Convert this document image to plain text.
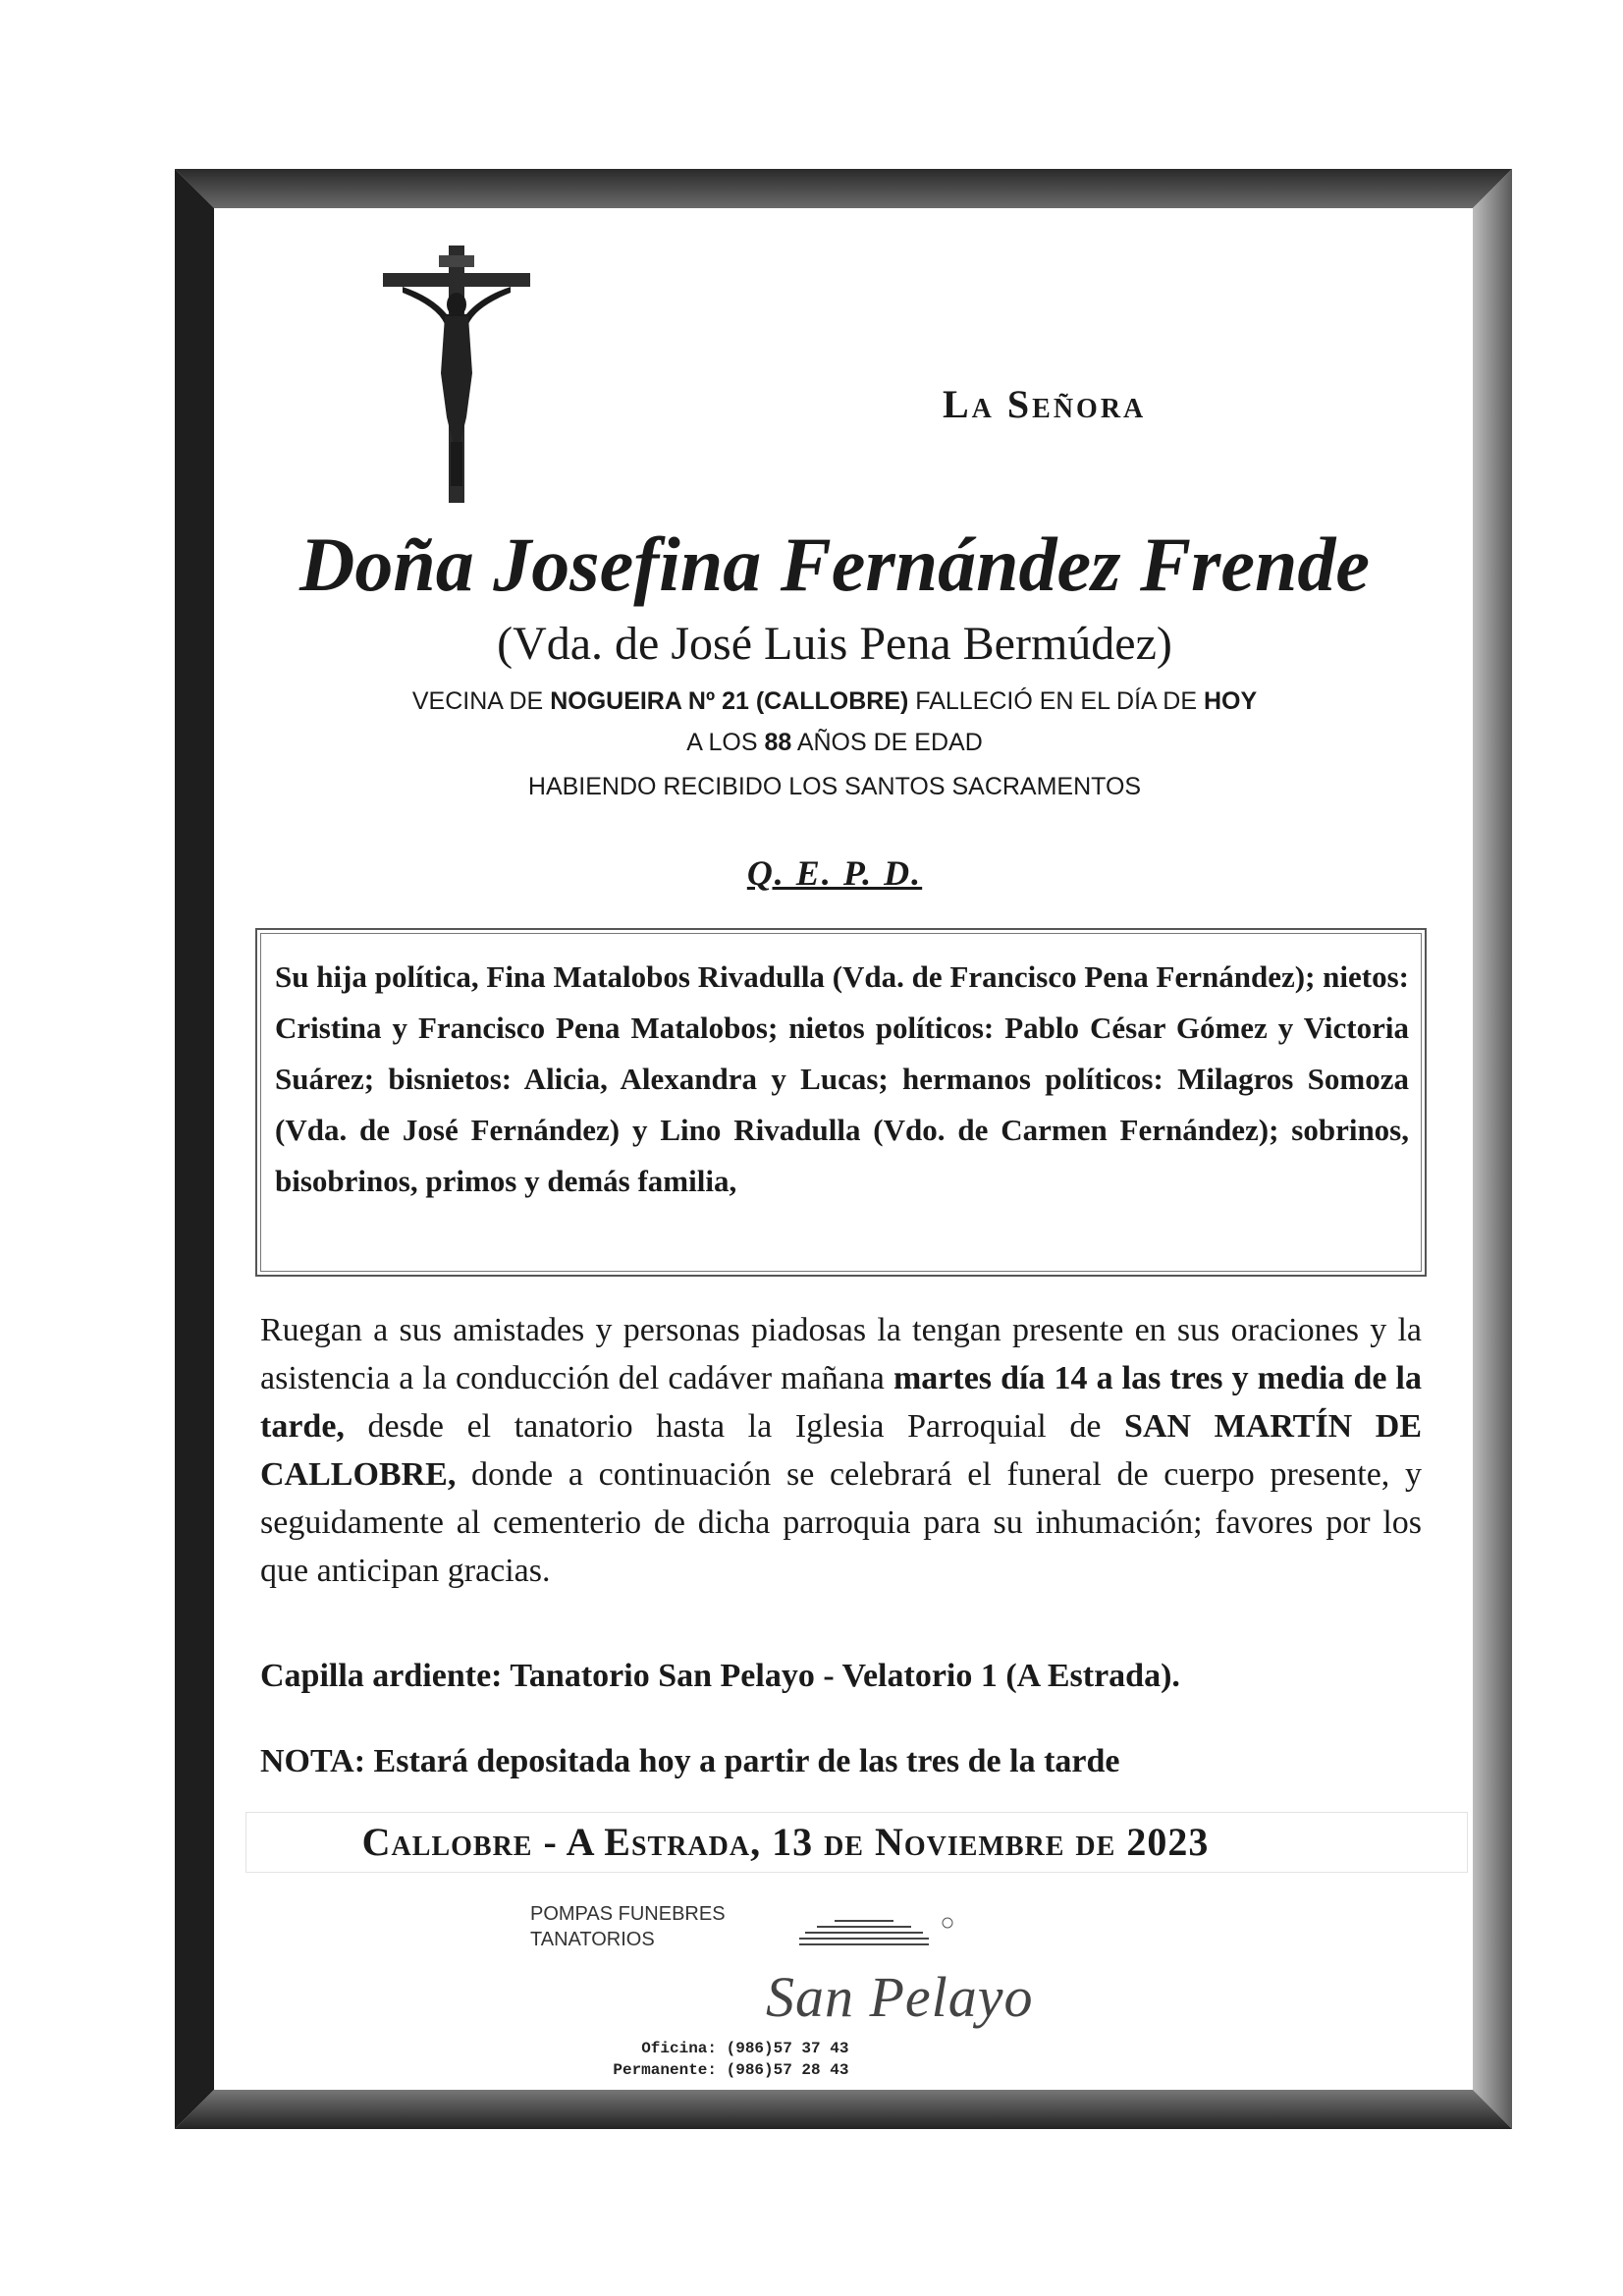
La Señora
Doña Josefina Fernández Frende
(Vda. de José Luis Pena Bermúdez)
VECINA DE NOGUEIRA Nº 21 (CALLOBRE) FALLECIÓ EN EL DÍA DE HOY
A LOS 88 AÑOS DE EDAD
HABIENDO RECIBIDO LOS SANTOS SACRAMENTOS
Q. E. P. D.
Su hija política, Fina Matalobos Rivadulla (Vda. de Francisco Pena Fernández); nietos: Cristina y Francisco Pena Matalobos; nietos políticos: Pablo César Gómez y Victoria Suárez; bisnietos: Alicia, Alexandra y Lucas; hermanos políticos: Milagros Somoza (Vda. de José Fernández) y Lino Rivadulla (Vdo. de Carmen Fernández); sobrinos, bisobrinos, primos y demás familia,
Ruegan a sus amistades y personas piadosas la tengan presente en sus oraciones y la asistencia a la conducción del cadáver mañana martes día 14 a las tres y media de la tarde, desde el tanatorio hasta la Iglesia Parroquial de SAN MARTÍN DE CALLOBRE, donde a continuación se celebrará el funeral de cuerpo presente, y seguidamente al cementerio de dicha parroquia para su inhumación; favores por los que anticipan gracias.
Capilla ardiente: Tanatorio San Pelayo - Velatorio 1 (A Estrada).
NOTA: Estará depositada hoy a partir de las tres de la tarde
Callobre - A Estrada, 13 de Noviembre de 2023
POMPAS FUNEBRES
TANATORIOS
San Pelayo
Oficina: (986)57 37 43
Permanente: (986)57 28 43
